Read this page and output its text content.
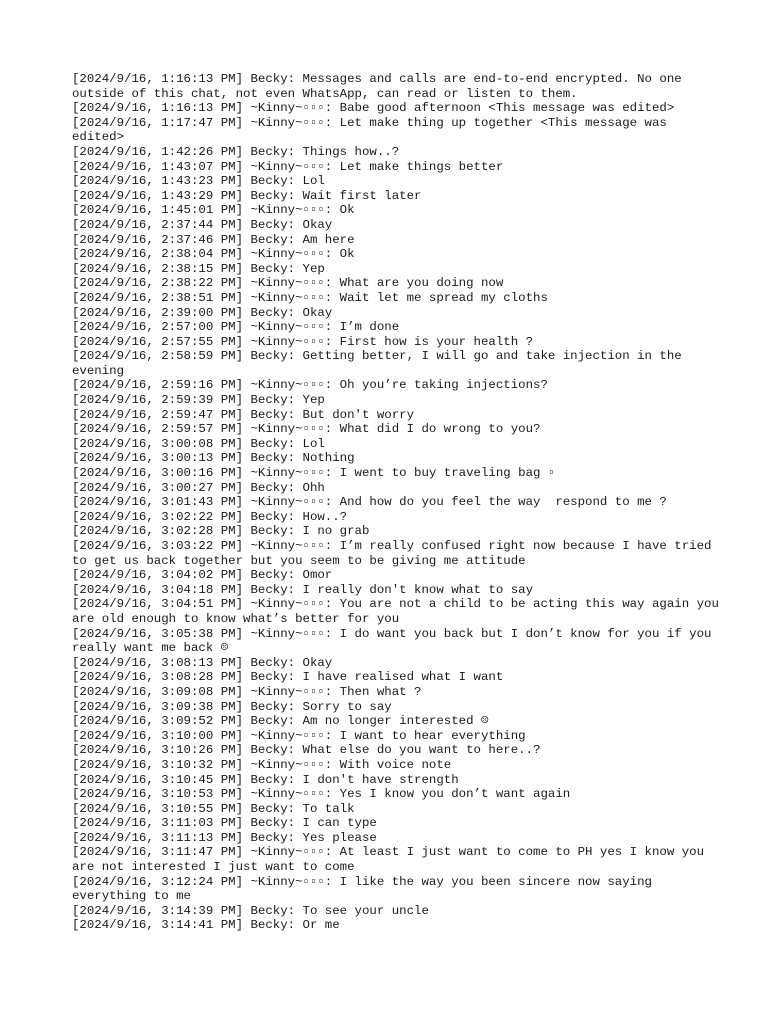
[2024/9/16, 1:16:13 PM] Becky: Messages and calls are end-to-end encrypted. No one outside of this chat, not even WhatsApp, can read or listen to them.
[2024/9/16, 1:16:13 PM] ~Kinny~▫▫▫: Babe good afternoon <This message was edited>
[2024/9/16, 1:17:47 PM] ~Kinny~▫▫▫: Let make thing up together <This message was edited>
[2024/9/16, 1:42:26 PM] Becky: Things how..?
[2024/9/16, 1:43:07 PM] ~Kinny~▫▫▫: Let make things better
[2024/9/16, 1:43:23 PM] Becky: Lol
[2024/9/16, 1:43:29 PM] Becky: Wait first later
[2024/9/16, 1:45:01 PM] ~Kinny~▫▫▫: Ok
[2024/9/16, 2:37:44 PM] Becky: Okay
[2024/9/16, 2:37:46 PM] Becky: Am here
[2024/9/16, 2:38:04 PM] ~Kinny~▫▫▫: Ok
[2024/9/16, 2:38:15 PM] Becky: Yep
[2024/9/16, 2:38:22 PM] ~Kinny~▫▫▫: What are you doing now
[2024/9/16, 2:38:51 PM] ~Kinny~▫▫▫: Wait let me spread my cloths
[2024/9/16, 2:39:00 PM] Becky: Okay
[2024/9/16, 2:57:00 PM] ~Kinny~▫▫▫: I’m done
[2024/9/16, 2:57:55 PM] ~Kinny~▫▫▫: First how is your health ?
[2024/9/16, 2:58:59 PM] Becky: Getting better, I will go and take injection in the evening
[2024/9/16, 2:59:16 PM] ~Kinny~▫▫▫: Oh you’re taking injections?
[2024/9/16, 2:59:39 PM] Becky: Yep
[2024/9/16, 2:59:47 PM] Becky: But don't worry
[2024/9/16, 2:59:57 PM] ~Kinny~▫▫▫: What did I do wrong to you?
[2024/9/16, 3:00:08 PM] Becky: Lol
[2024/9/16, 3:00:13 PM] Becky: Nothing
[2024/9/16, 3:00:16 PM] ~Kinny~▫▫▫: I went to buy traveling bag ▫
[2024/9/16, 3:00:27 PM] Becky: Ohh
[2024/9/16, 3:01:43 PM] ~Kinny~▫▫▫: And how do you feel the way  respond to me ?
[2024/9/16, 3:02:22 PM] Becky: How..?
[2024/9/16, 3:02:28 PM] Becky: I no grab
[2024/9/16, 3:03:22 PM] ~Kinny~▫▫▫: I’m really confused right now because I have tried to get us back together but you seem to be giving me attitude
[2024/9/16, 3:04:02 PM] Becky: Omor
[2024/9/16, 3:04:18 PM] Becky: I really don't know what to say
[2024/9/16, 3:04:51 PM] ~Kinny~▫▫▫: You are not a child to be acting this way again you are old enough to know what’s better for you
[2024/9/16, 3:05:38 PM] ~Kinny~▫▫▫: I do want you back but I don’t know for you if you really want me back ☹
[2024/9/16, 3:08:13 PM] Becky: Okay
[2024/9/16, 3:08:28 PM] Becky: I have realised what I want
[2024/9/16, 3:09:08 PM] ~Kinny~▫▫▫: Then what ?
[2024/9/16, 3:09:38 PM] Becky: Sorry to say
[2024/9/16, 3:09:52 PM] Becky: Am no longer interested ☹
[2024/9/16, 3:10:00 PM] ~Kinny~▫▫▫: I want to hear everything
[2024/9/16, 3:10:26 PM] Becky: What else do you want to here..?
[2024/9/16, 3:10:32 PM] ~Kinny~▫▫▫: With voice note
[2024/9/16, 3:10:45 PM] Becky: I don't have strength
[2024/9/16, 3:10:53 PM] ~Kinny~▫▫▫: Yes I know you don’t want again
[2024/9/16, 3:10:55 PM] Becky: To talk
[2024/9/16, 3:11:03 PM] Becky: I can type
[2024/9/16, 3:11:13 PM] Becky: Yes please
[2024/9/16, 3:11:47 PM] ~Kinny~▫▫▫: At least I just want to come to PH yes I know you are not interested I just want to come
[2024/9/16, 3:12:24 PM] ~Kinny~▫▫▫: I like the way you been sincere now saying everything to me
[2024/9/16, 3:14:39 PM] Becky: To see your uncle
[2024/9/16, 3:14:41 PM] Becky: Or me
